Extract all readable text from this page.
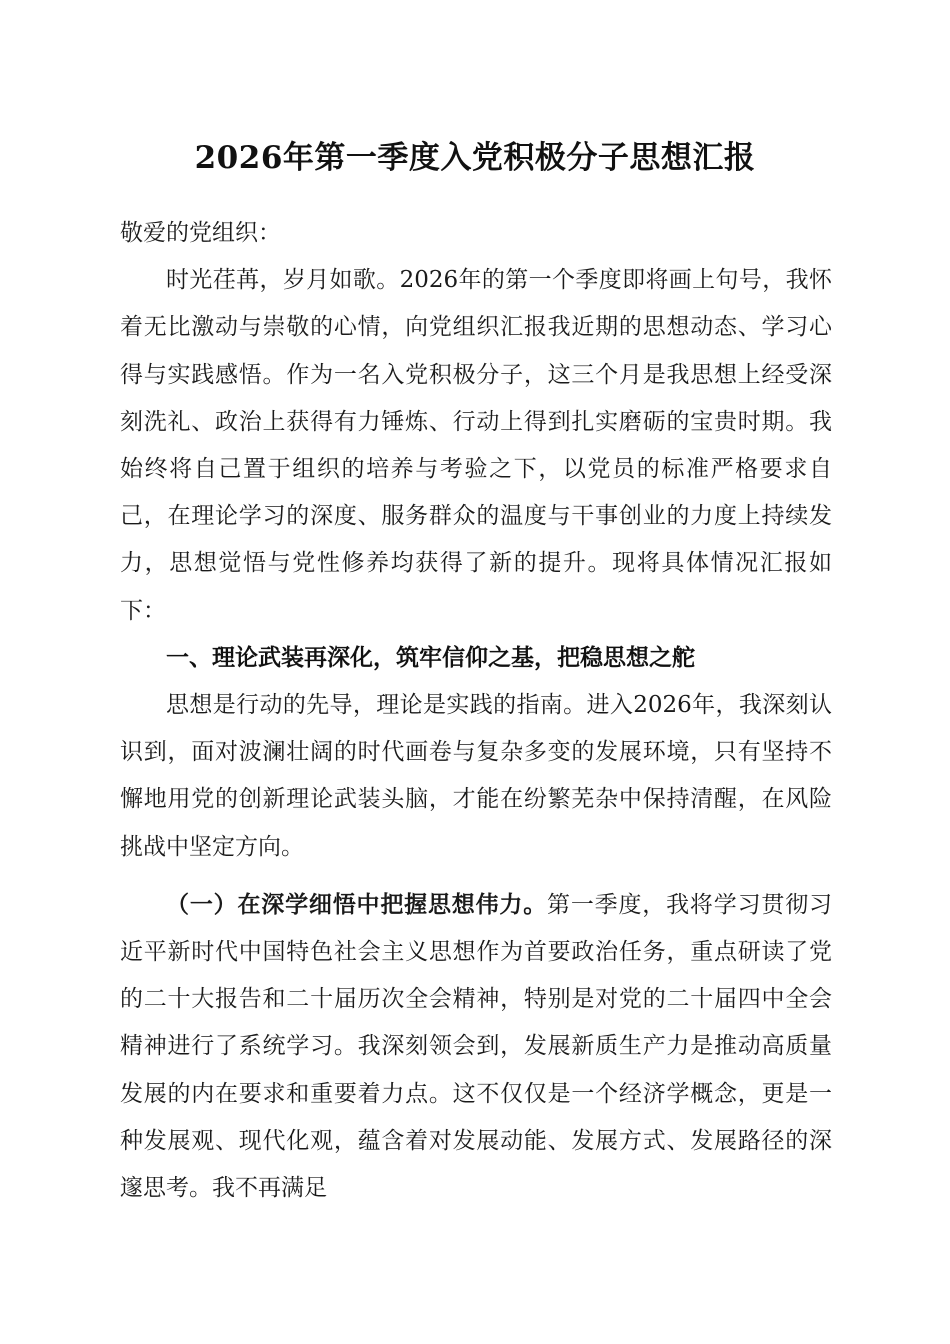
2026年第一季度入党积极分子思想汇报

敬爱的党组织：

时光荏苒，岁月如歌。2026年的第一个季度即将画上句号，我怀着无比激动与崇敬的心情，向党组织汇报我近期的思想动态、学习心得与实践感悟。作为一名入党积极分子，这三个月是我思想上经受深刻洗礼、政治上获得有力锤炼、行动上得到扎实磨砺的宝贵时期。我始终将自己置于组织的培养与考验之下，以党员的标准严格要求自己，在理论学习的深度、服务群众的温度与干事创业的力度上持续发力，思想觉悟与党性修养均获得了新的提升。现将具体情况汇报如下：

一、理论武装再深化，筑牢信仰之基，把稳思想之舵

思想是行动的先导，理论是实践的指南。进入2026年，我深刻认识到，面对波澜壮阔的时代画卷与复杂多变的发展环境，只有坚持不懈地用党的创新理论武装头脑，才能在纷繁芜杂中保持清醒，在风险挑战中坚定方向。

（一）在深学细悟中把握思想伟力。第一季度，我将学习贯彻习近平新时代中国特色社会主义思想作为首要政治任务，重点研读了党的二十大报告和二十届历次全会精神，特别是对党的二十届四中全会精神进行了系统学习。我深刻领会到，发展新质生产力是推动高质量发展的内在要求和重要着力点。这不仅仅是一个经济学概念，更是一种发展观、现代化观，蕴含着对发展动能、发展方式、发展路径的深邃思考。我不再满足
